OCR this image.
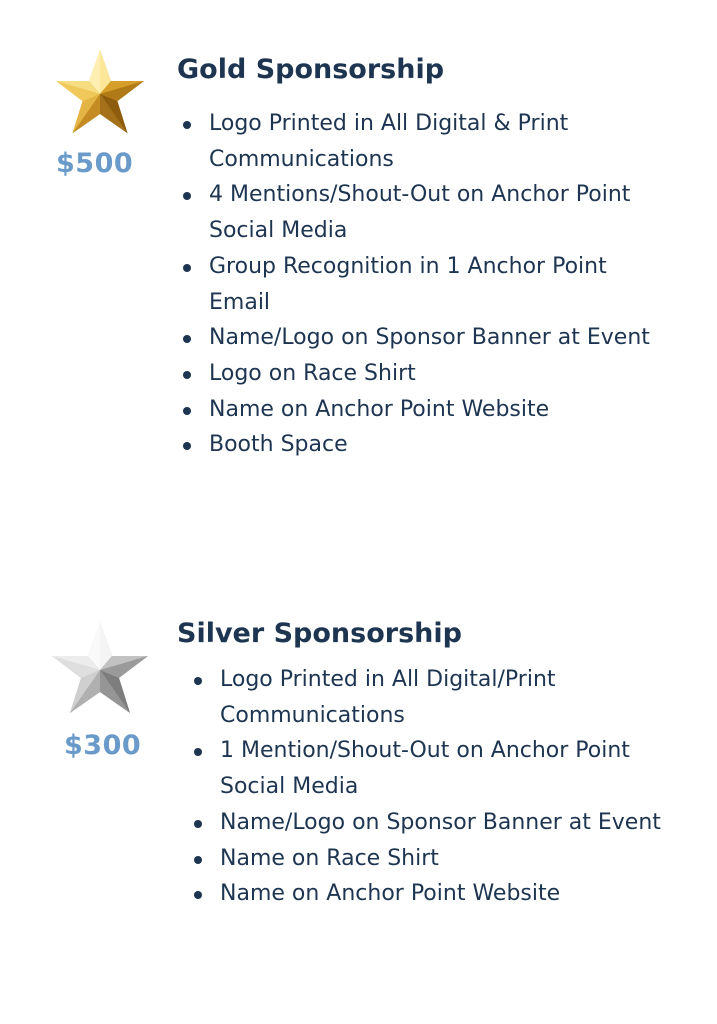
$500
Gold Sponsorship
Logo Printed in All Digital & Print Communications
4 Mentions/Shout-Out on Anchor Point Social Media
Group Recognition in 1 Anchor Point Email
Name/Logo on Sponsor Banner at Event
Logo on Race Shirt
Name on Anchor Point Website
Booth Space
$300
Silver Sponsorship
Logo Printed in All Digital/Print Communications
1 Mention/Shout-Out on Anchor Point Social Media
Name/Logo on Sponsor Banner at Event
Name on Race Shirt
Name on Anchor Point Website
